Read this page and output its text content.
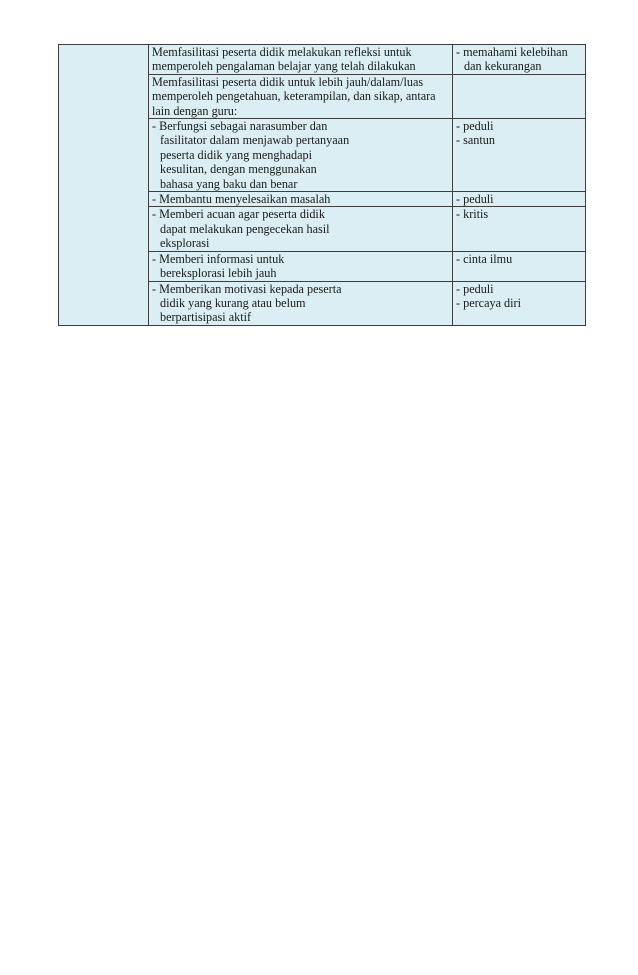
	Memfasilitasi peserta didik melakukan refleksi untuk
memperoleh pengalaman belajar yang telah dilakukan	- memahami kelebihan
dan kekurangan

	Memfasilitasi peserta didik untuk lebih jauh/dalam/luas
memperoleh pengetahuan, keterampilan, dan sikap, antara
lain dengan guru:	

	- Berfungsi sebagai narasumber dan
fasilitator dalam menjawab pertanyaan
peserta didik yang menghadapi
kesulitan, dengan menggunakan
bahasa yang baku dan benar	- peduli
- santun

	- Membantu menyelesaikan masalah	- peduli

	- Memberi acuan agar peserta didik
dapat melakukan pengecekan hasil
eksplorasi	- kritis

	- Memberi informasi untuk
bereksplorasi lebih jauh	- cinta ilmu

	- Memberikan motivasi kepada peserta
didik yang kurang atau belum
berpartisipasi aktif	- peduli
- percaya diri
